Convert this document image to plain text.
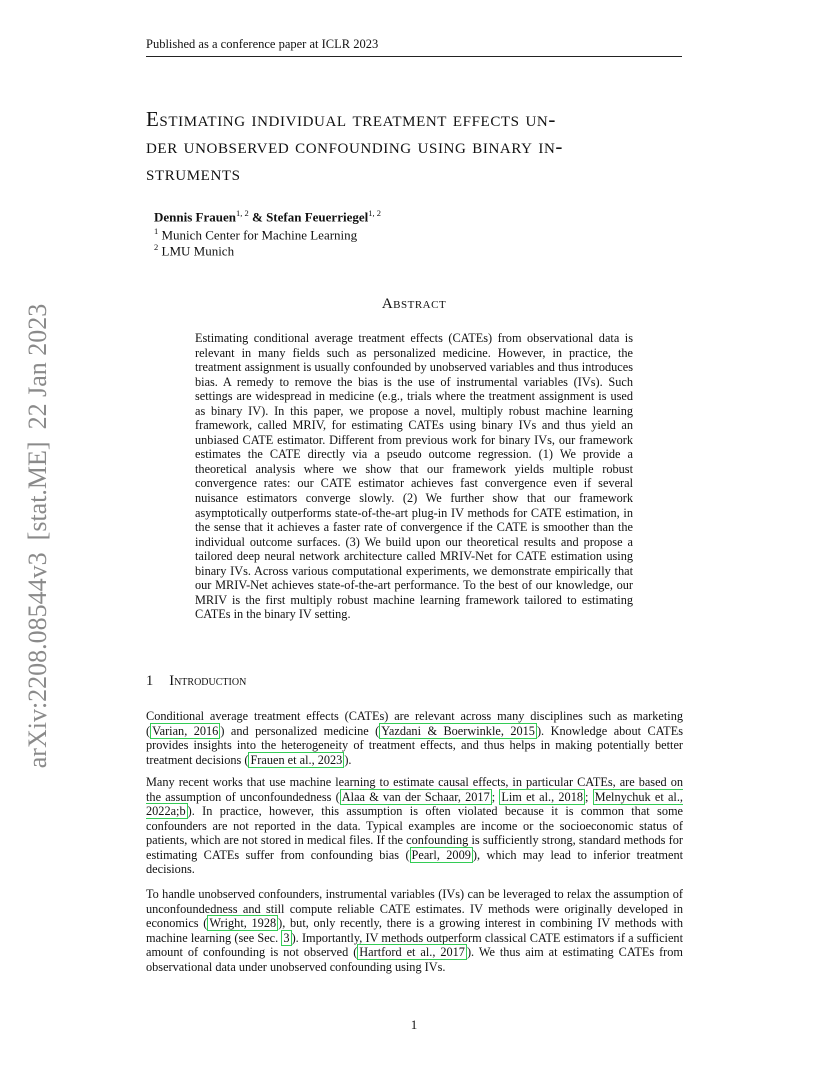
Published as a conference paper at ICLR 2023
arXiv:2208.08544v3[stat.ME]22 Jan 2023
Estimating individual treatment effects un-
der unobserved confounding using binary in-
struments
Dennis Frauen$^{1, 2}$ & Stefan Feuerriegel$^{1, 2}$
$^1$ Munich Center for Machine Learning
$^2$ LMU Munich
Abstract
Estimating conditional average treatment effects (CATEs) from observational data is relevant in many fields such as personalized medicine. However, in practice, the treatment assignment is usually confounded by unobserved variables and thus introduces bias. A remedy to remove the bias is the use of instrumental variables (IVs). Such settings are widespread in medicine (e.g., trials where the treatment assignment is used as binary IV). In this paper, we propose a novel, multiply robust machine learning framework, called MRIV, for estimating CATEs using binary IVs and thus yield an unbiased CATE estimator. Different from previous work for binary IVs, our framework estimates the CATE directly via a pseudo outcome regression. (1) We provide a theoretical analysis where we show that our framework yields multiple robust convergence rates: our CATE estimator achieves fast convergence even if several nuisance estimators converge slowly. (2) We further show that our framework asymptotically outperforms state-of-the-art plug-in IV methods for CATE estimation, in the sense that it achieves a faster rate of convergence if the CATE is smoother than the individual outcome surfaces. (3) We build upon our theoretical results and propose a tailored deep neural network architecture called MRIV-Net for CATE estimation using binary IVs. Across various computational experiments, we demonstrate empirically that our MRIV-Net achieves state-of-the-art performance. To the best of our knowledge, our MRIV is the first multiply robust machine learning framework tailored to estimating CATEs in the binary IV setting.
1 Introduction

Conditional average treatment effects (CATEs) are relevant across many disciplines such as marketing ( Varian, 2016 ) and personalized medicine ( Yazdani & Boerwinkle, 2015 ). Knowledge about CATEs provides insights into the heterogeneity of treatment effects, and thus helps in making potentially better treatment decisions ( Frauen et al., 2023 ).

Many recent works that use machine learning to estimate causal effects, in particular CATEs, are based on the assumption of unconfoundedness ( Alaa & van der Schaar, 2017 ; Lim et al., 2018 ; Melnychuk et al., 2022a;b ). In practice, however, this assumption is often violated because it is common that some confounders are not reported in the data. Typical examples are income or the socioeconomic status of patients, which are not stored in medical files. If the confounding is sufficiently strong, standard methods for estimating CATEs suffer from confounding bias ( Pearl, 2009 ), which may lead to inferior treatment decisions.

To handle unobserved confounders, instrumental variables (IVs) can be leveraged to relax the assumption of unconfoundedness and still compute reliable CATE estimates. IV methods were originally developed in economics ( Wright, 1928 ), but, only recently, there is a growing interest in combining IV methods with machine learning (see Sec. 3 ). Importantly, IV methods outperform classical CATE estimators if a sufficient amount of confounding is not observed ( Hartford et al., 2017 ). We thus aim at estimating CATEs from observational data under unobserved confounding using IVs.

1
